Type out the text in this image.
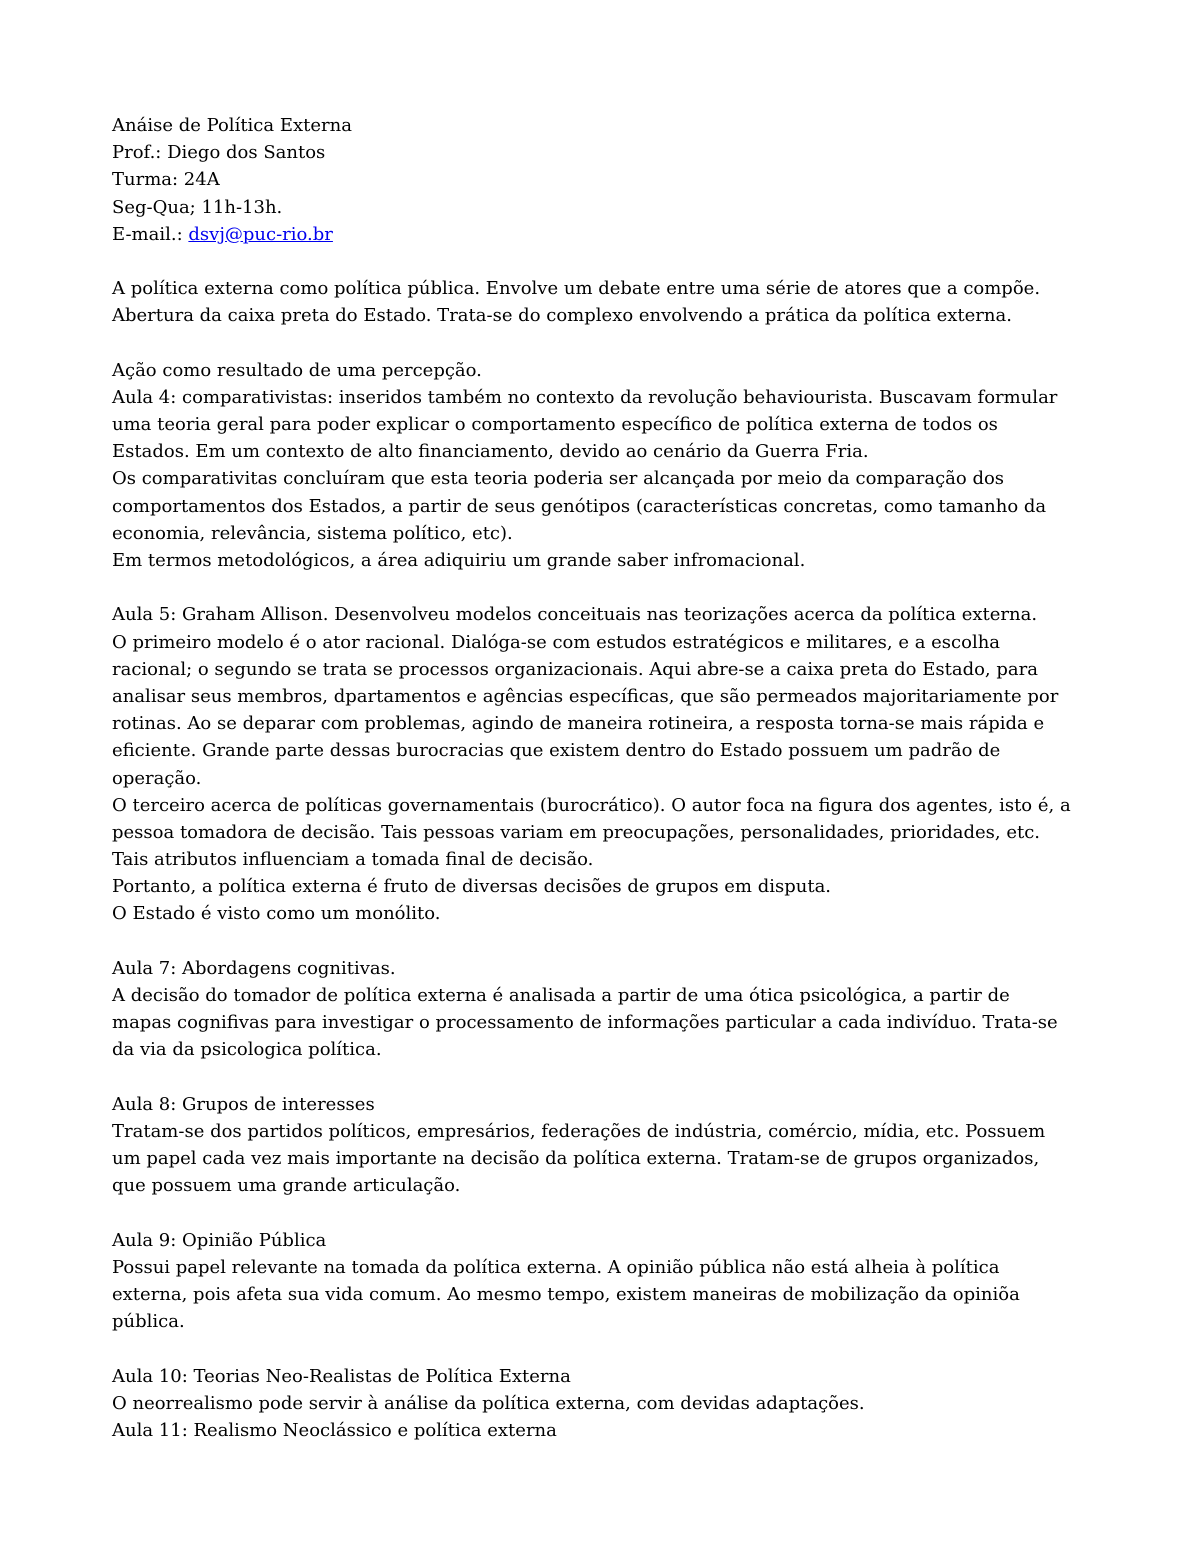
Anáise de Política Externa
Prof.: Diego dos Santos
Turma: 24A
Seg-Qua; 11h-13h.
E-mail.: dsvj@puc-rio.br
A política externa como política pública. Envolve um debate entre uma série de atores que a compõe.
Abertura da caixa preta do Estado. Trata-se do complexo envolvendo a prática da política externa.
Ação como resultado de uma percepção.
Aula 4: comparativistas: inseridos também no contexto da revolução behaviourista. Buscavam formular
uma teoria geral para poder explicar o comportamento específico de política externa de todos os
Estados. Em um contexto de alto financiamento, devido ao cenário da Guerra Fria.
Os comparativitas concluíram que esta teoria poderia ser alcançada por meio da comparação dos
comportamentos dos Estados, a partir de seus genótipos (características concretas, como tamanho da
economia, relevância, sistema político, etc).
Em termos metodológicos, a área adiquiriu um grande saber infromacional.
Aula 5: Graham Allison. Desenvolveu modelos conceituais nas teorizações acerca da política externa.
O primeiro modelo é o ator racional. Dialóga-se com estudos estratégicos e militares, e a escolha
racional; o segundo se trata se processos organizacionais. Aqui abre-se a caixa preta do Estado, para
analisar seus membros, dpartamentos e agências específicas, que são permeados majoritariamente por
rotinas. Ao se deparar com problemas, agindo de maneira rotineira, a resposta torna-se mais rápida e
eficiente. Grande parte dessas burocracias que existem dentro do Estado possuem um padrão de
operação.
O terceiro acerca de políticas governamentais (burocrático). O autor foca na figura dos agentes, isto é, a
pessoa tomadora de decisão. Tais pessoas variam em preocupações, personalidades, prioridades, etc.
Tais atributos influenciam a tomada final de decisão.
Portanto, a política externa é fruto de diversas decisões de grupos em disputa.
O Estado é visto como um monólito.
Aula 7: Abordagens cognitivas.
A decisão do tomador de política externa é analisada a partir de uma ótica psicológica, a partir de
mapas cognifivas para investigar o processamento de informações particular a cada indivíduo. Trata-se
da via da psicologica política.
Aula 8: Grupos de interesses
Tratam-se dos partidos políticos, empresários, federações de indústria, comércio, mídia, etc. Possuem
um papel cada vez mais importante na decisão da política externa. Tratam-se de grupos organizados,
que possuem uma grande articulação.
Aula 9: Opinião Pública
Possui papel relevante na tomada da política externa. A opinião pública não está alheia à política
externa, pois afeta sua vida comum. Ao mesmo tempo, existem maneiras de mobilização da opiniõa
pública.
Aula 10: Teorias Neo-Realistas de Política Externa
O neorrealismo pode servir à análise da política externa, com devidas adaptações.
Aula 11: Realismo Neoclássico e política externa
